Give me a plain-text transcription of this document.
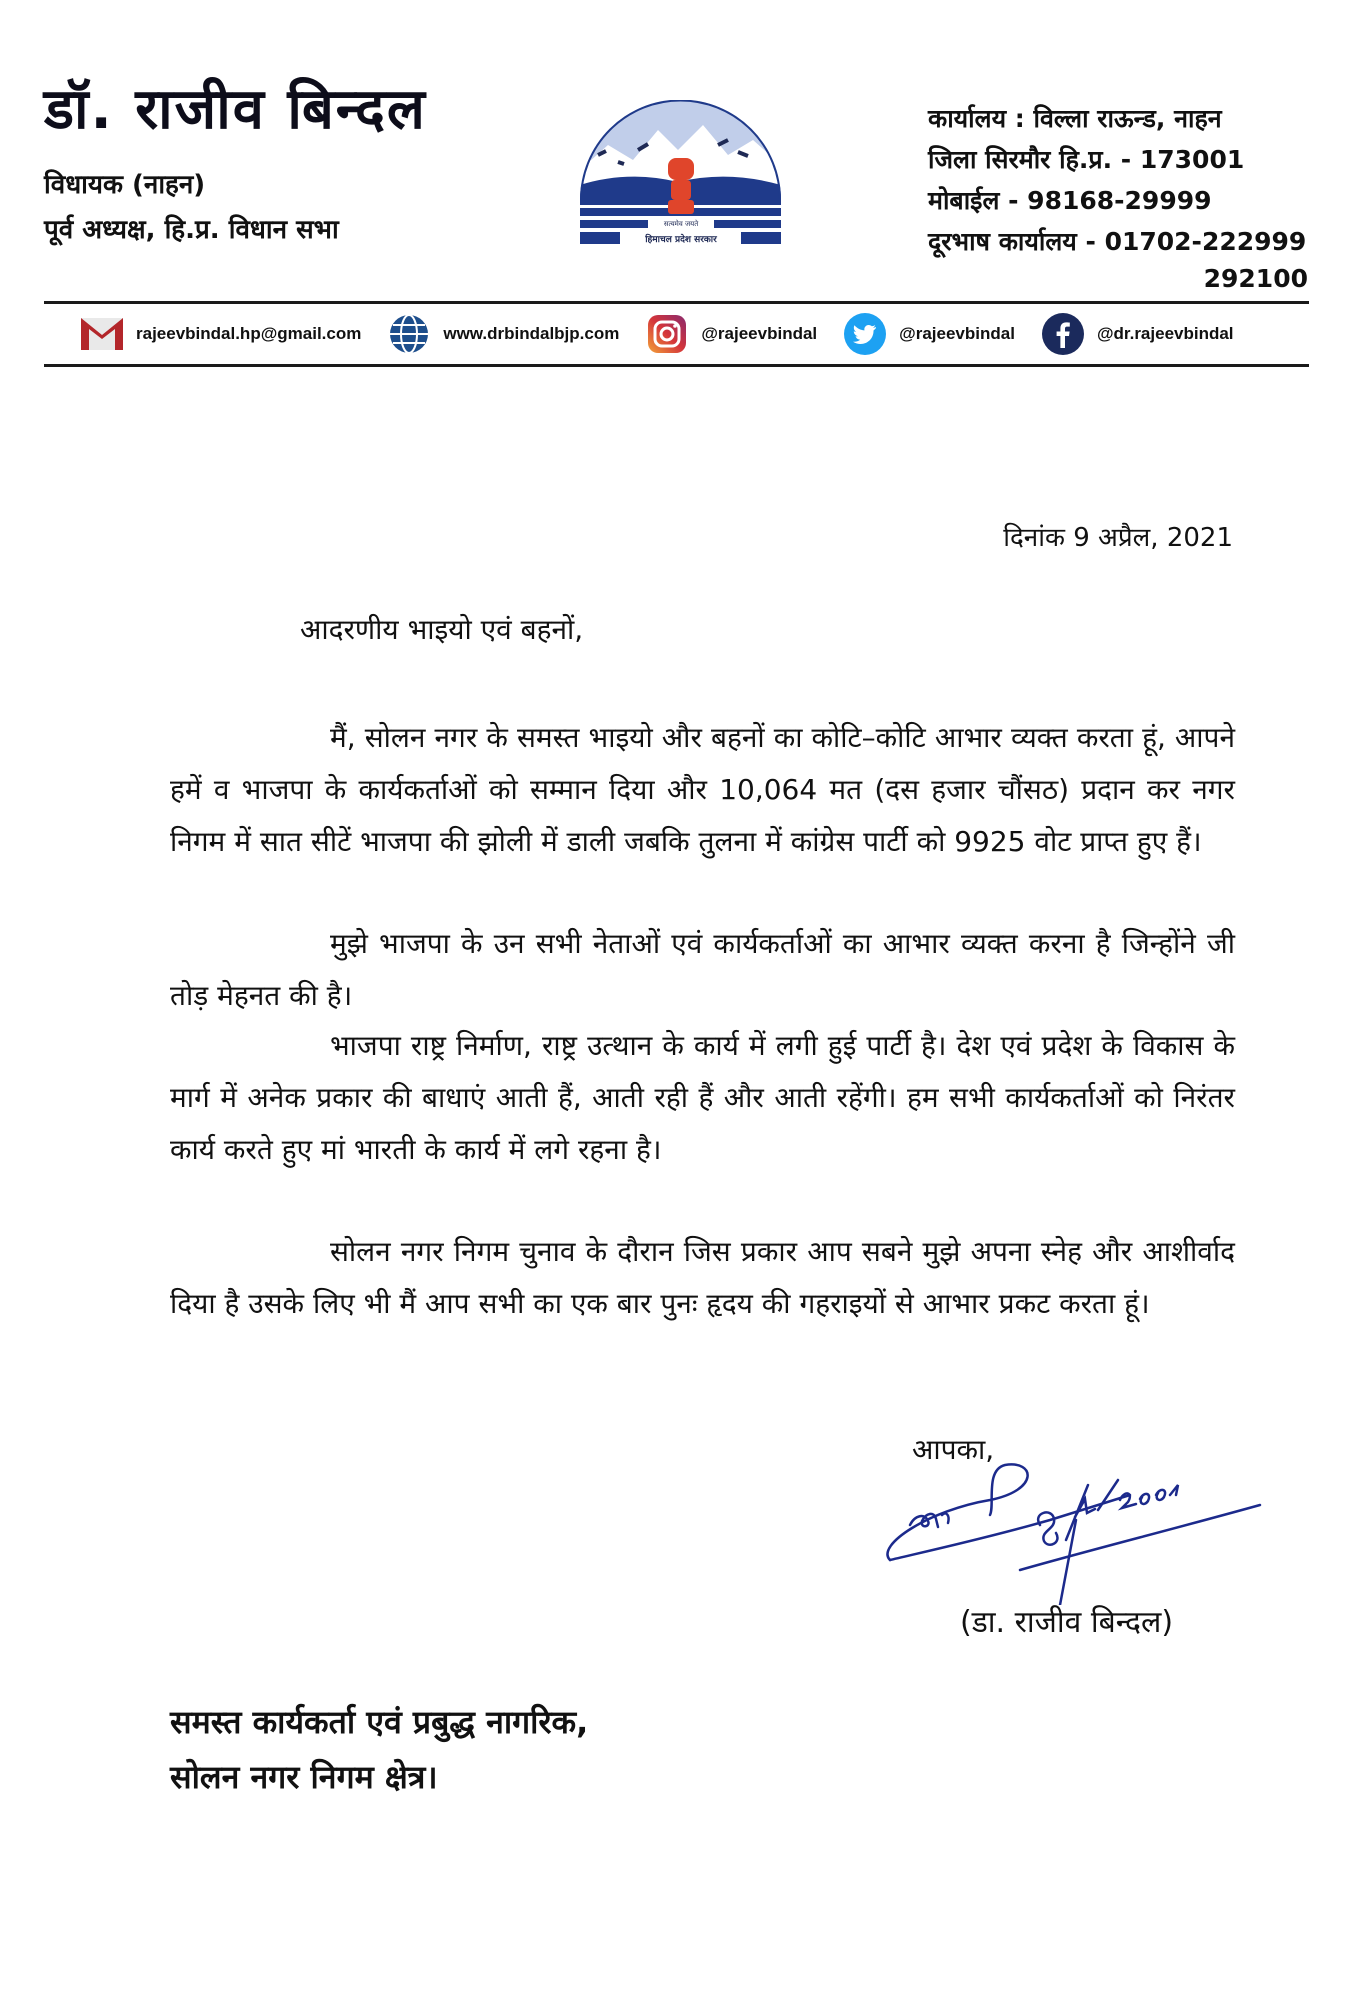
डॉ. राजीव बिन्दल
विधायक (नाहन)
पूर्व अध्यक्ष, हि.प्र. विधान सभा	सत्यमेव जयते
हिमाचल प्रदेश सरकार
कार्यालय : विल्ला राऊन्ड, नाहन
जिला सिरमौर हि.प्र. - 173001
मोबाईल - 98168-29999
दूरभाष कार्यालय - 01702-222999
292100
rajeevbindal.hp@gmail.com	www.drbindalbjp.com	@rajeevbindal	@rajeevbindal	@dr.rajeevbindal
दिनांक 9 अप्रैल, 2021
आदरणीय भाइयो एवं बहनों,
मैं, सोलन नगर के समस्त भाइयो और बहनों का कोटि–कोटि आभार व्यक्त करता हूं, आपने हमें व भाजपा के कार्यकर्ताओं को सम्मान दिया और 10,064 मत (दस हजार चौंसठ) प्रदान कर नगर निगम में सात सीटें भाजपा की झोली में डाली जबकि तुलना में कांग्रेस पार्टी को 9925 वोट प्राप्त हुए हैं।
मुझे भाजपा के उन सभी नेताओं एवं कार्यकर्ताओं का आभार व्यक्त करना है जिन्होंने जी तोड़ मेहनत की है।
भाजपा राष्ट्र निर्माण, राष्ट्र उत्थान के कार्य में लगी हुई पार्टी है। देश एवं प्रदेश के विकास के मार्ग में अनेक प्रकार की बाधाएं आती हैं, आती रही हैं और आती रहेंगी। हम सभी कार्यकर्ताओं को निरंतर कार्य करते हुए मां भारती के कार्य में लगे रहना है।
सोलन नगर निगम चुनाव के दौरान जिस प्रकार आप सबने मुझे अपना स्नेह और आशीर्वाद दिया है उसके लिए भी मैं आप सभी का एक बार पुनः हृदय की गहराइयों से आभार प्रकट करता हूं।
आपका,
(डा. राजीव बिन्दल)
समस्त कार्यकर्ता एवं प्रबुद्ध नागरिक,
सोलन नगर निगम क्षेत्र।
